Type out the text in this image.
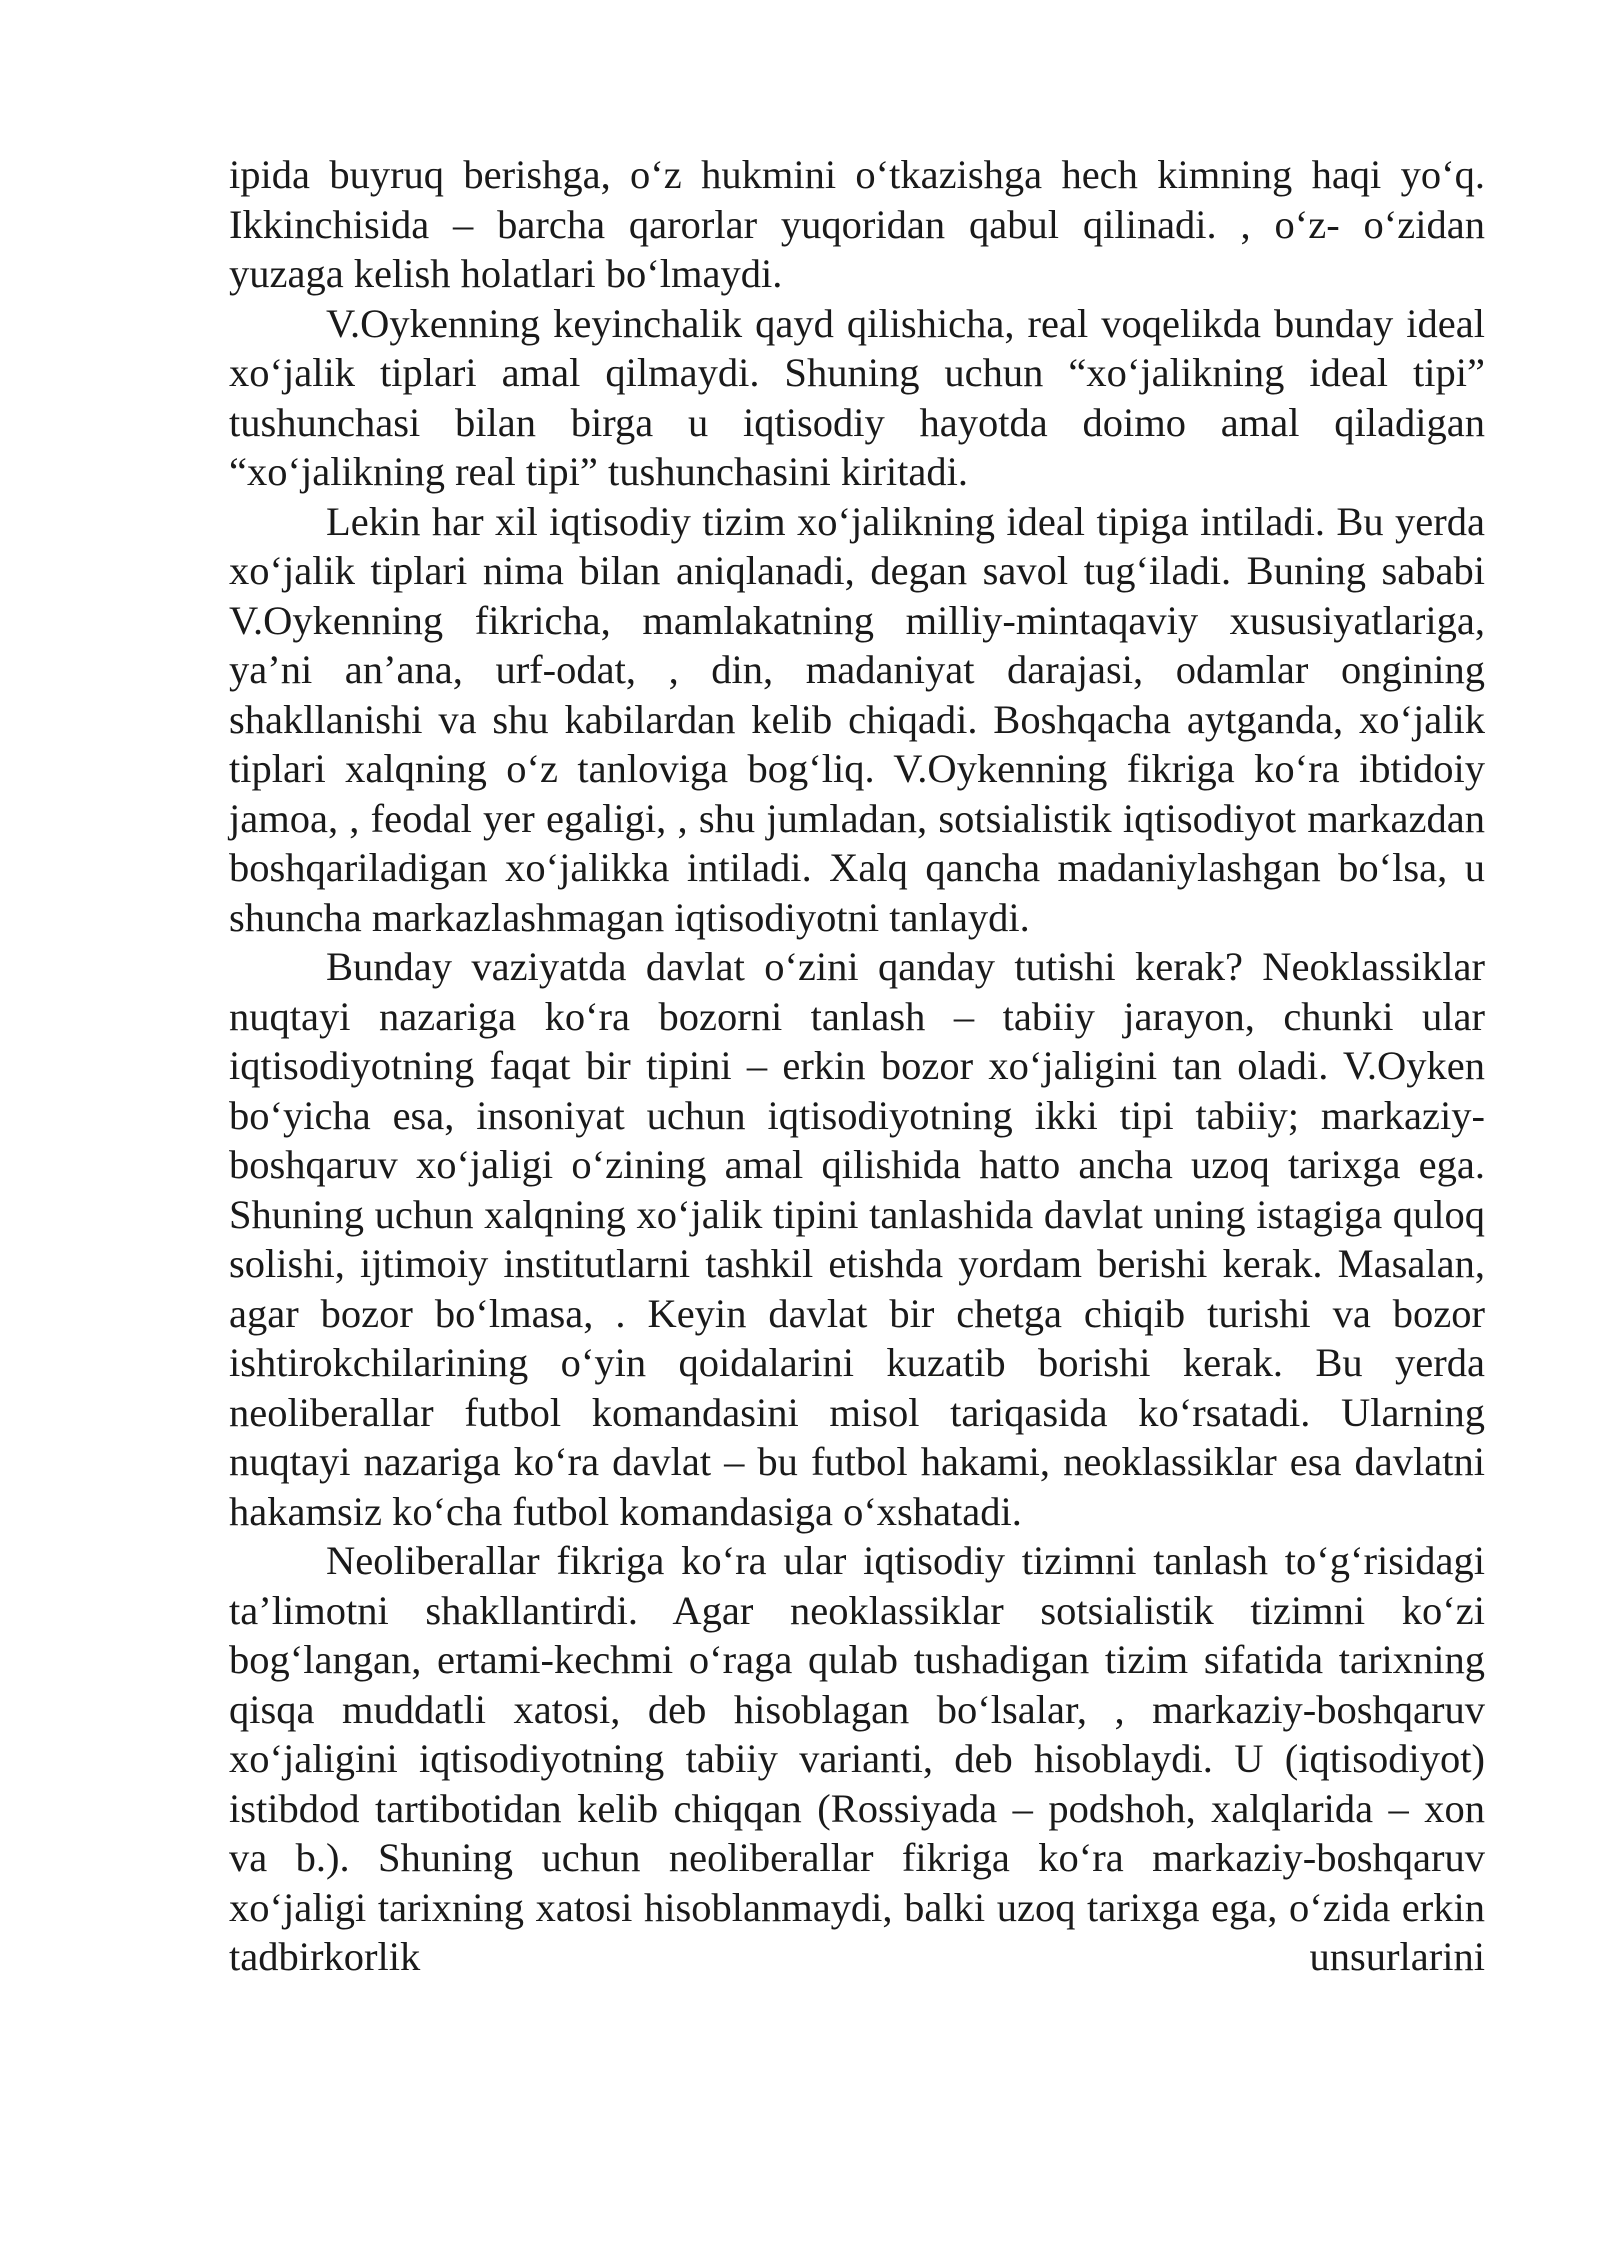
ipida buyruq berishga, o‘z hukmini o‘tkazishga hech kimning haqi yo‘q. Ikkinchisida – barcha qarorlar yuqoridan qabul qilinadi. , o‘z- o‘zidan yuzaga kelish holatlari bo‘lmaydi.

V.Oykenning keyinchalik qayd qilishicha, real voqelikda bunday ideal xo‘jalik tiplari amal qilmaydi. Shuning uchun “xo‘jalikning ideal tipi” tushunchasi bilan birga u iqtisodiy hayotda doimo amal qiladigan “xo‘jalikning real tipi” tushunchasini kiritadi.

Lekin har xil iqtisodiy tizim xo‘jalikning ideal tipiga intiladi. Bu yerda xo‘jalik tiplari nima bilan aniqlanadi, degan savol tug‘iladi. Buning sababi V.Oykenning fikricha, mamlakatning milliy-mintaqaviy xususiyatlariga, ya’ni an’ana, urf-odat, , din, madaniyat darajasi, odamlar ongining shakllanishi va shu kabilardan kelib chiqadi. Boshqacha aytganda, xo‘jalik tiplari xalqning o‘z tanloviga bog‘liq. V.Oykenning fikriga ko‘ra ibtidoiy jamoa, , feodal yer egaligi, , shu jumladan, sotsialistik iqtisodiyot markazdan boshqariladigan xo‘jalikka intiladi. Xalq qancha madaniylashgan bo‘lsa, u shuncha markazlashmagan iqtisodiyotni tanlaydi.

Bunday vaziyatda davlat o‘zini qanday tutishi kerak? Neoklassiklar nuqtayi nazariga ko‘ra bozorni tanlash – tabiiy jarayon, chunki ular iqtisodiyotning faqat bir tipini – erkin bozor xo‘jaligini tan oladi. V.Oyken bo‘yicha esa, insoniyat uchun iqtisodiyotning ikki tipi tabiiy; markaziy-boshqaruv xo‘jaligi o‘zining amal qilishida hatto ancha uzoq tarixga ega. Shuning uchun xalqning xo‘jalik tipini tanlashida davlat uning istagiga quloq solishi, ijtimoiy institutlarni tashkil etishda yordam berishi kerak. Masalan, agar bozor bo‘lmasa, . Keyin davlat bir chetga chiqib turishi va bozor ishtirokchilarining o‘yin qoidalarini kuzatib borishi kerak. Bu yerda neoliberallar futbol komandasini misol tariqasida ko‘rsatadi. Ularning nuqtayi nazariga ko‘ra davlat – bu futbol hakami, neoklassiklar esa davlatni hakamsiz ko‘cha futbol komandasiga o‘xshatadi.

Neoliberallar fikriga ko‘ra ular iqtisodiy tizimni tanlash to‘g‘risidagi ta’limotni shakllantirdi. Agar neoklassiklar sotsialistik tizimni ko‘zi bog‘langan, ertami-kechmi o‘raga qulab tushadigan tizim sifatida tarixning qisqa muddatli xatosi, deb hisoblagan bo‘lsalar, , markaziy-boshqaruv xo‘jaligini iqtisodiyotning tabiiy varianti, deb hisoblaydi. U (iqtisodiyot) istibdod tartibotidan kelib chiqqan (Rossiyada – podshoh, xalqlarida – xon va b.). Shuning uchun neoliberallar fikriga ko‘ra markaziy-boshqaruv xo‘jaligi tarixning xatosi hisoblanmaydi, balki uzoq tarixga ega, o‘zida erkin tadbirkorlik unsurlarini
